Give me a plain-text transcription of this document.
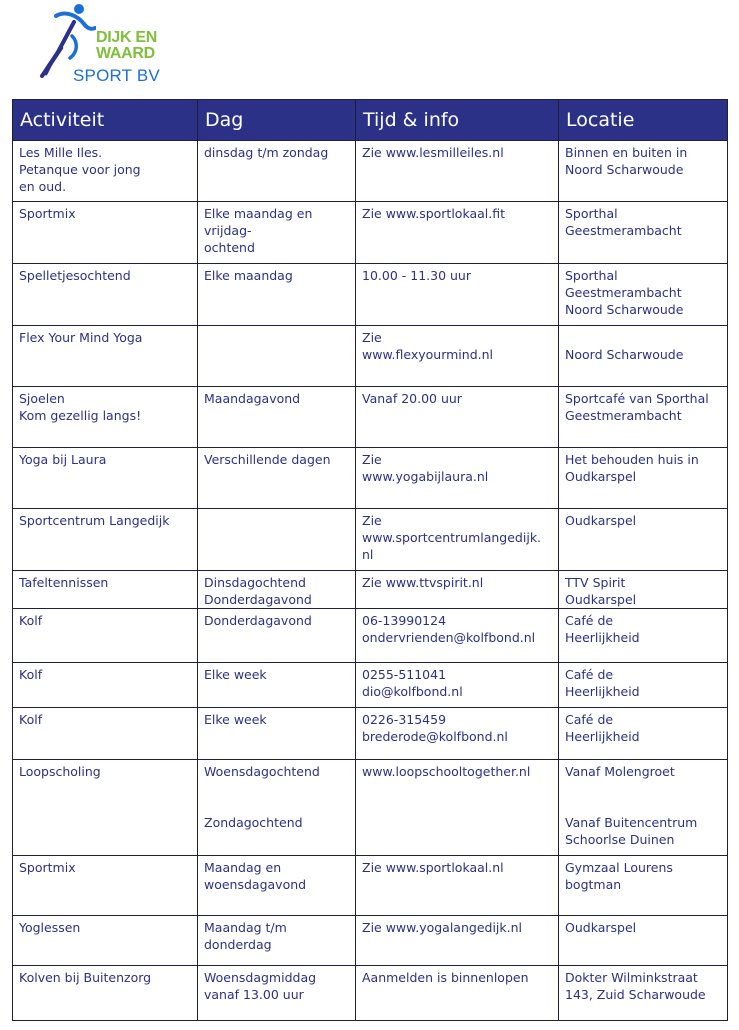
DIJK EN
WAARD
SPORT BV
Activiteit	Dag	Tijd & info	Locatie

Les Mille Iles.
Petanque voor jong
en oud.	dinsdag t/m zondag	Zie www.lesmilleiles.nl	Binnen en buiten in
Noord Scharwoude

Sportmix	Elke maandag en
vrijdag-
ochtend	Zie www.sportlokaal.fit	Sporthal
Geestmerambacht

Spelletjesochtend	Elke maandag	10.00 - 11.30 uur	Sporthal
Geestmerambacht
Noord Scharwoude

Flex Your Mind Yoga		Zie
www.flexyourmind.nl	Noord Scharwoude

Sjoelen
Kom gezellig langs!	Maandagavond	Vanaf 20.00 uur	Sportcafé van Sporthal
Geestmerambacht

Yoga bij Laura	Verschillende dagen	Zie
www.yogabijlaura.nl	Het behouden huis in
Oudkarspel

Sportcentrum Langedijk		Zie
www.sportcentrumlangedijk.
nl	Oudkarspel

Tafeltennissen	Dinsdagochtend
Donderdagavond	Zie www.ttvspirit.nl	TTV Spirit
Oudkarspel

Kolf	Donderdagavond	06-13990124
ondervrienden@kolfbond.nl	Café de
Heerlijkheid

Kolf	Elke week	0255-511041
dio@kolfbond.nl	Café de
Heerlijkheid

Kolf	Elke week	0226-315459
brederode@kolfbond.nl	Café de
Heerlijkheid

Loopscholing	Woensdagochtend
Zondagochtend	www.loopschooltogether.nl	Vanaf Molengroet
Vanaf Buitencentrum
Schoorlse Duinen

Sportmix	Maandag en
woensdagavond	Zie www.sportlokaal.nl	Gymzaal Lourens
bogtman

Yoglessen	Maandag t/m
donderdag	Zie www.yogalangedijk.nl	Oudkarspel

Kolven bij Buitenzorg	Woensdagmiddag
vanaf 13.00 uur	Aanmelden is binnenlopen	Dokter Wilminkstraat
143, Zuid Scharwoude
